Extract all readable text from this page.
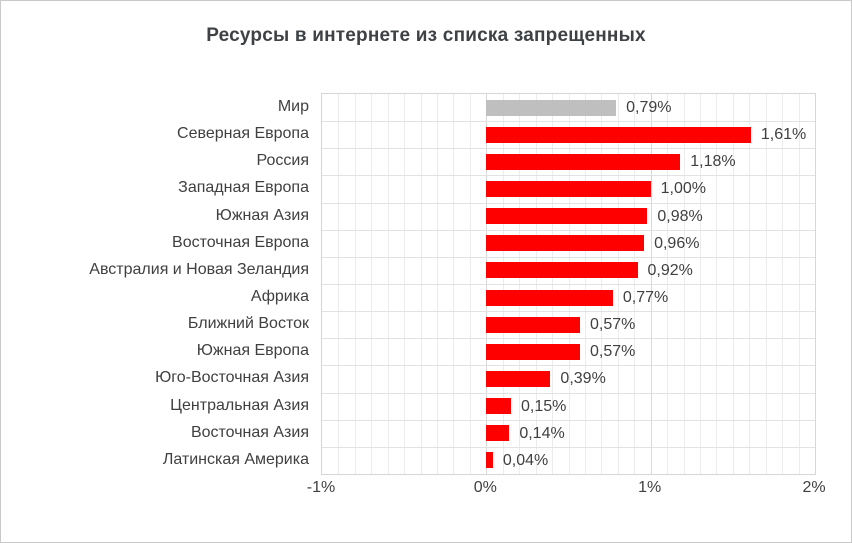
Ресурсы в интернете из списка запрещенных
Мир
Северная Европа
Россия
Западная Европа
Южная Азия
Восточная Европа
Австралия и Новая Зеландия
Африка
Ближний Восток
Южная Европа
Юго-Восточная Азия
Центральная Азия
Восточная Азия
Латинская Америка
0,79%
1,61%
1,18%
1,00%
0,98%
0,96%
0,92%
0,77%
0,57%
0,57%
0,39%
0,15%
0,14%
0,04%
-1%	0%	1%	2%
